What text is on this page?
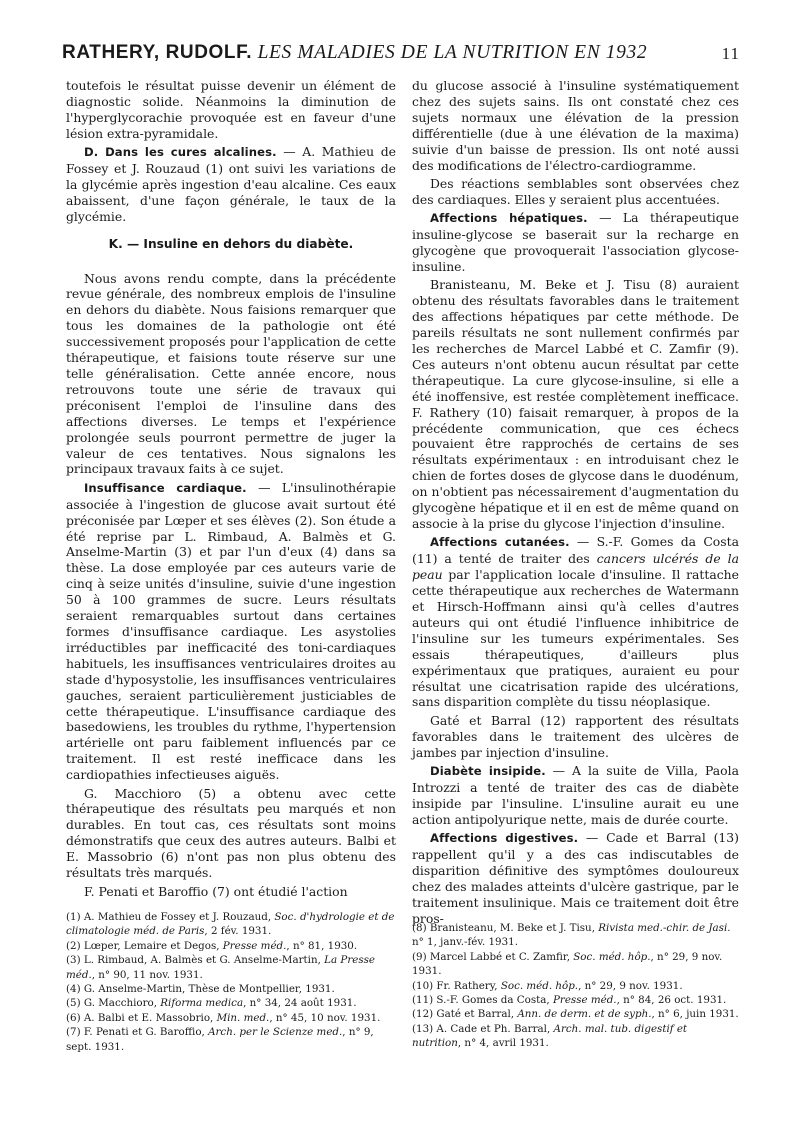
RATHERY, RUDOLF. LES MALADIES DE LA NUTRITION EN 1932	11

toutefois le résultat puisse devenir un élément de diagnostic solide. Néanmoins la diminution de l'hyperglycorachie provoquée est en faveur d'une lésion extra-pyramidale.

D. Dans les cures alcalines. — A. Mathieu de Fossey et J. Rouzaud (1) ont suivi les variations de la glycémie après ingestion d'eau alcaline. Ces eaux abaissent, d'une façon générale, le taux de la glycémie.

K. — Insuline en dehors du diabète.

Nous avons rendu compte, dans la précédente revue générale, des nombreux emplois de l'insuline en dehors du diabète. Nous faisions remarquer que tous les domaines de la pathologie ont été successivement proposés pour l'application de cette thérapeutique, et faisions toute réserve sur une telle généralisation. Cette année encore, nous retrouvons toute une série de travaux qui préconisent l'emploi de l'insuline dans des affections diverses. Le temps et l'expérience prolongée seuls pourront permettre de juger la valeur de ces tentatives. Nous signalons les principaux travaux faits à ce sujet.

Insuffisance cardiaque. — L'insulinothérapie associée à l'ingestion de glucose avait surtout été préconisée par Lœper et ses élèves (2). Son étude a été reprise par L. Rimbaud, A. Balmès et G. Anselme-Martin (3) et par l'un d'eux (4) dans sa thèse. La dose employée par ces auteurs varie de cinq à seize unités d'insuline, suivie d'une ingestion 50 à 100 grammes de sucre. Leurs résultats seraient remarquables surtout dans certaines formes d'insuffisance cardiaque. Les asystolies irréductibles par inefficacité des toni-cardiaques habituels, les insuffisances ventriculaires droites au stade d'hyposystolie, les insuffisances ventriculaires gauches, seraient particulièrement justiciables de cette thérapeutique. L'insuffisance cardiaque des basedowiens, les troubles du rythme, l'hypertension artérielle ont paru faiblement influencés par ce traitement. Il est resté inefficace dans les cardiopathies infectieuses aiguës.

G. Macchioro (5) a obtenu avec cette thérapeutique des résultats peu marqués et non durables. En tout cas, ces résultats sont moins démonstratifs que ceux des autres auteurs. Balbi et E. Massobrio (6) n'ont pas non plus obtenu des résultats très marqués.

F. Penati et Baroffio (7) ont étudié l'action

du glucose associé à l'insuline systématiquement chez des sujets sains. Ils ont constaté chez ces sujets normaux une élévation de la pression différentielle (due à une élévation de la maxima) suivie d'un baisse de pression. Ils ont noté aussi des modifications de l'électro-cardiogramme.

Des réactions semblables sont observées chez des cardiaques. Elles y seraient plus accentuées.

Affections hépatiques. — La thérapeutique insuline-glycose se baserait sur la recharge en glycogène que provoquerait l'association glycose-insuline.

Branisteanu, M. Beke et J. Tisu (8) auraient obtenu des résultats favorables dans le traitement des affections hépatiques par cette méthode. De pareils résultats ne sont nullement confirmés par les recherches de Marcel Labbé et C. Zamfir (9). Ces auteurs n'ont obtenu aucun résultat par cette thérapeutique. La cure glycose-insuline, si elle a été inoffensive, est restée complètement inefficace. F. Rathery (10) faisait remarquer, à propos de la précédente communication, que ces échecs pouvaient être rapprochés de certains de ses résultats expérimentaux : en introduisant chez le chien de fortes doses de glycose dans le duodénum, on n'obtient pas nécessairement d'augmentation du glycogène hépatique et il en est de même quand on associe à la prise du glycose l'injection d'insuline.

Affections cutanées. — S.-F. Gomes da Costa (11) a tenté de traiter des cancers ulcérés de la peau par l'application locale d'insuline. Il rattache cette thérapeutique aux recherches de Watermann et Hirsch-Hoffmann ainsi qu'à celles d'autres auteurs qui ont étudié l'influence inhibitrice de l'insuline sur les tumeurs expérimentales. Ses essais thérapeutiques, d'ailleurs plus expérimentaux que pratiques, auraient eu pour résultat une cicatrisation rapide des ulcérations, sans disparition complète du tissu néoplasique.

Gaté et Barral (12) rapportent des résultats favorables dans le traitement des ulcères de jambes par injection d'insuline.

Diabète insipide. — A la suite de Villa, Paola Introzzi a tenté de traiter des cas de diabète insipide par l'insuline. L'insuline aurait eu une action antipolyurique nette, mais de durée courte.

Affections digestives. — Cade et Barral (13) rappellent qu'il y a des cas indiscutables de disparition définitive des symptômes douloureux chez des malades atteints d'ulcère gastrique, par le traitement insulinique. Mais ce traitement doit être pros-

(1) A. Mathieu de Fossey et J. Rouzaud, Soc. d'hydrologie et de climatologie méd. de Paris, 2 fév. 1931.

(2) Lœper, Lemaire et Degos, Presse méd., n° 81, 1930.

(3) L. Rimbaud, A. Balmès et G. Anselme-Martin, La Presse méd., n° 90, 11 nov. 1931.

(4) G. Anselme-Martin, Thèse de Montpellier, 1931.

(5) G. Macchioro, Riforma medica, n° 34, 24 août 1931.

(6) A. Balbi et E. Massobrio, Min. med., n° 45, 10 nov. 1931.

(7) F. Penati et G. Baroffio, Arch. per le Scienze med., n° 9, sept. 1931.

(8) Branisteanu, M. Beke et J. Tisu, Rivista med.-chir. de Jasi. n° 1, janv.-fév. 1931.

(9) Marcel Labbé et C. Zamfir, Soc. méd. hôp., n° 29, 9 nov. 1931.

(10) Fr. Rathery, Soc. méd. hôp., n° 29, 9 nov. 1931.

(11) S.-F. Gomes da Costa, Presse méd., n° 84, 26 oct. 1931.

(12) Gaté et Barral, Ann. de derm. et de syph., n° 6, juin 1931.

(13) A. Cade et Ph. Barral, Arch. mal. tub. digestif et nutrition, n° 4, avril 1931.
